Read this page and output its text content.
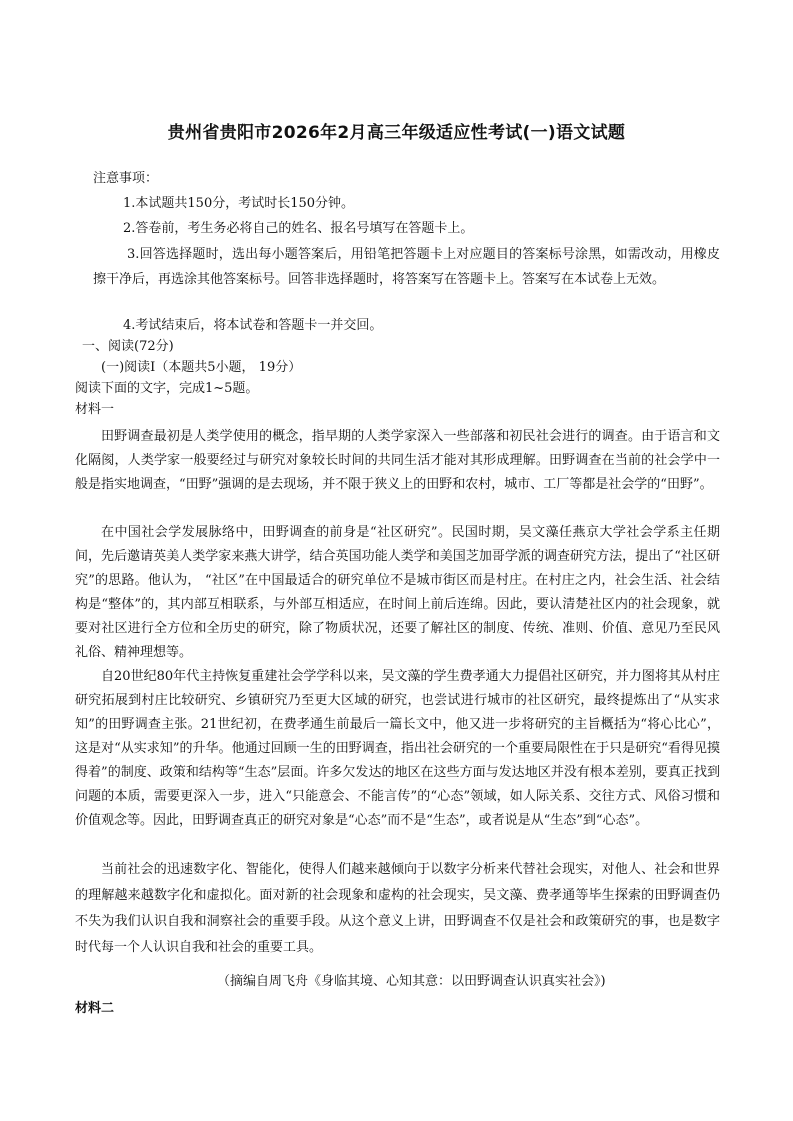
贵州省贵阳市2026年2月高三年级适应性考试(一)语文试题
注意事项：
1.本试题共150分，考试时长150分钟。
2.答卷前，考生务必将自己的姓名、报名号填写在答题卡上。

3.回答选择题时，选出每小题答案后，用铅笔把答题卡上对应题目的答案标号涂黑，如需改动，用橡皮擦干净后，再选涂其他答案标号。回答非选择题时，将答案写在答题卡上。答案写在本试卷上无效。

4.考试结束后，将本试卷和答题卡一并交回。
一、阅读(72分)
(一)阅读Ⅰ（本题共5小题， 19分）
阅读下面的文字，完成1~5题。
材料一

田野调查最初是人类学使用的概念，指早期的人类学家深入一些部落和初民社会进行的调查。由于语言和文化隔阂，人类学家一般要经过与研究对象较长时间的共同生活才能对其形成理解。田野调查在当前的社会学中一般是指实地调查，“田野”强调的是去现场，并不限于狭义上的田野和农村，城市、工厂等都是社会学的“田野”。

在中国社会学发展脉络中，田野调查的前身是“社区研究”。民国时期，吴文藻任燕京大学社会学系主任期间，先后邀请英美人类学家来燕大讲学，结合英国功能人类学和美国芝加哥学派的调查研究方法，提出了“社区研究”的思路。他认为， “社区”在中国最适合的研究单位不是城市街区而是村庄。在村庄之内，社会生活、社会结构是“整体”的，其内部互相联系，与外部互相适应，在时间上前后连绵。因此，要认清楚社区内的社会现象，就要对社区进行全方位和全历史的研究，除了物质状况，还要了解社区的制度、传统、准则、价值、意见乃至民风礼俗、精神理想等。

自20世纪80年代主持恢复重建社会学学科以来，吴文藻的学生费孝通大力提倡社区研究，并力图将其从村庄研究拓展到村庄比较研究、乡镇研究乃至更大区域的研究，也尝试进行城市的社区研究，最终提炼出了“从实求知”的田野调查主张。21世纪初，在费孝通生前最后一篇长文中，他又进一步将研究的主旨概括为“将心比心”，这是对“从实求知”的升华。他通过回顾一生的田野调查，指出社会研究的一个重要局限性在于只是研究“看得见摸得着”的制度、政策和结构等“生态”层面。许多欠发达的地区在这些方面与发达地区并没有根本差别，要真正找到问题的本质，需要更深入一步，进入“只能意会、不能言传”的“心态”领域，如人际关系、交往方式、风俗习惯和价值观念等。因此，田野调查真正的研究对象是“心态”而不是“生态”，或者说是从“生态”到“心态”。

当前社会的迅速数字化、智能化，使得人们越来越倾向于以数字分析来代替社会现实，对他人、社会和世界的理解越来越数字化和虚拟化。面对新的社会现象和虚构的社会现实，吴文藻、费孝通等毕生探索的田野调查仍不失为我们认识自我和洞察社会的重要手段。从这个意义上讲，田野调查不仅是社会和政策研究的事，也是数字时代每一个人认识自我和社会的重要工具。

（摘编自周飞舟《身临其境、心知其意：以田野调查认识真实社会》)
材料二
